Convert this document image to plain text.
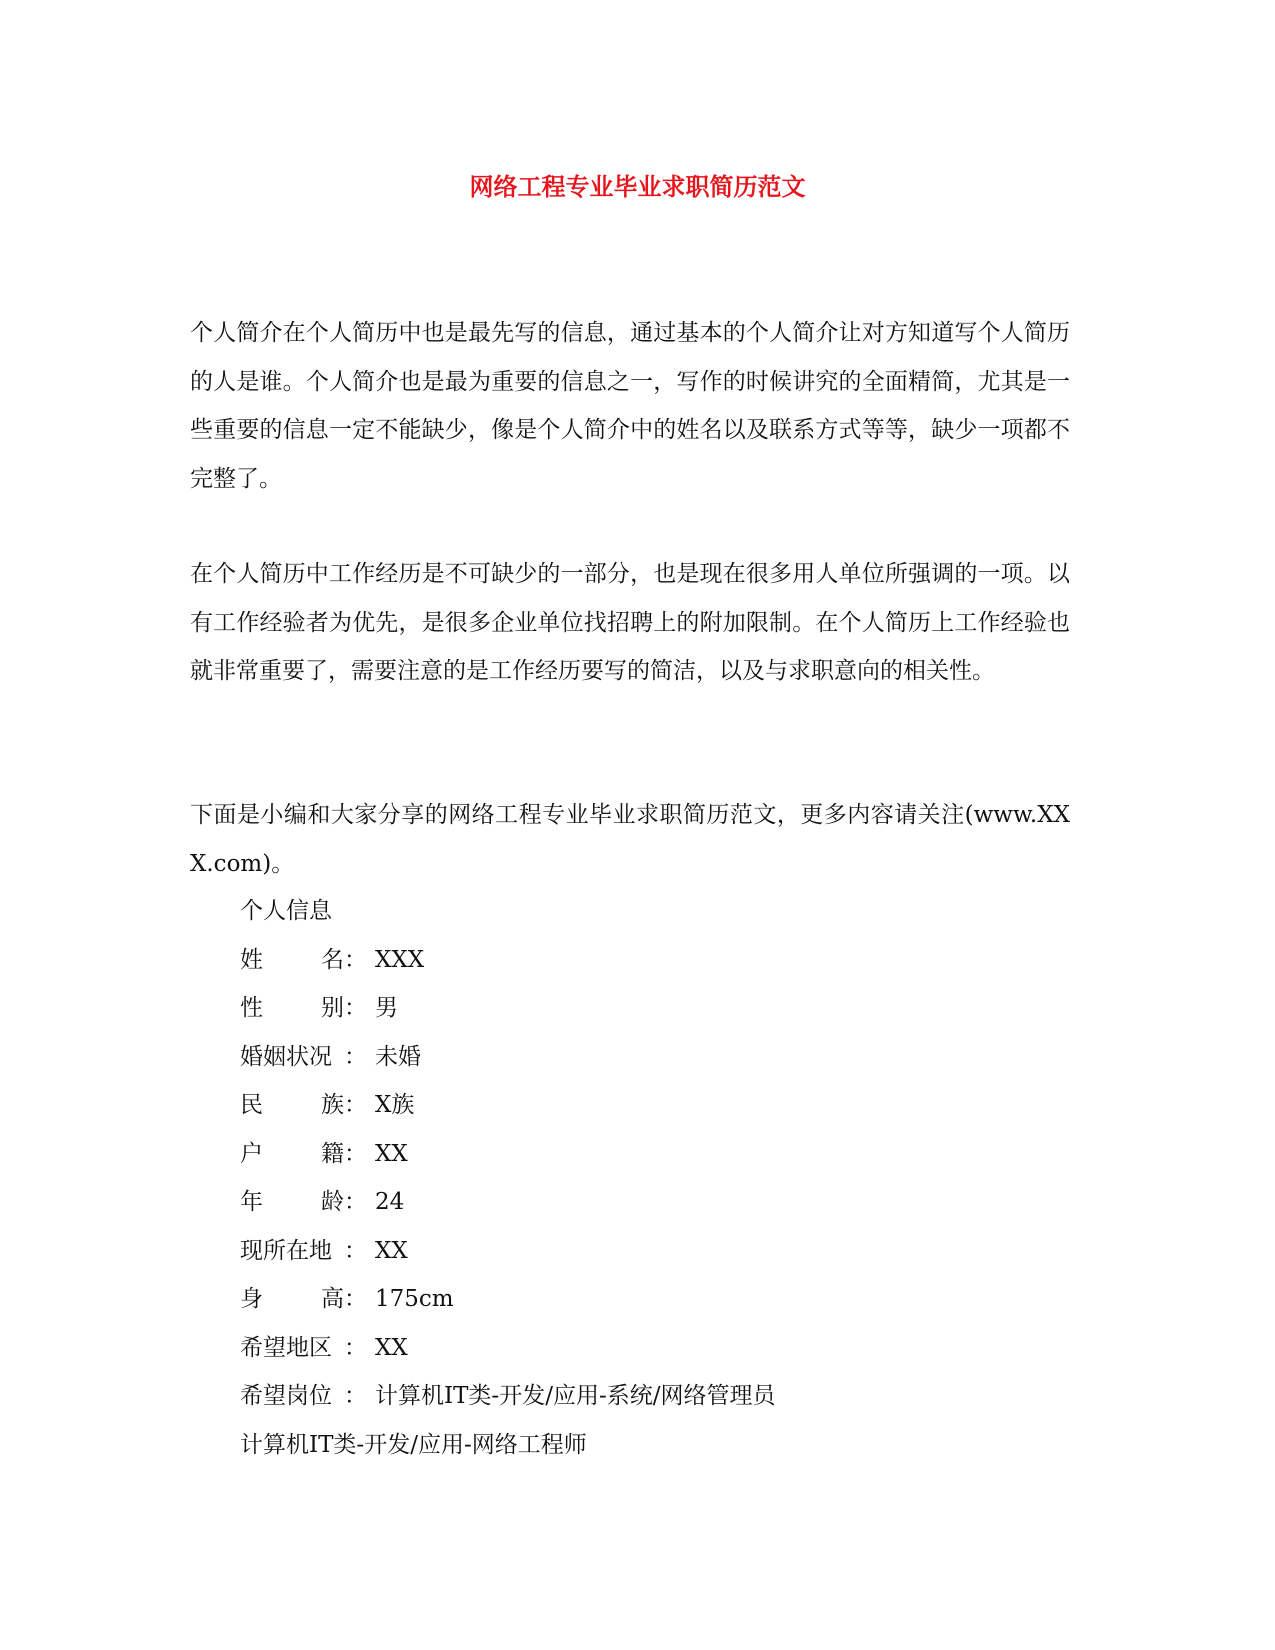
网络工程专业毕业求职简历范文

个人简介在个人简历中也是最先写的信息，通过基本的个人简介让对方知道写个人简历的人是谁。个人简介也是最为重要的信息之一，写作的时候讲究的全面精简，尤其是一些重要的信息一定不能缺少，像是个人简介中的姓名以及联系方式等等，缺少一项都不完整了。

在个人简历中工作经历是不可缺少的一部分，也是现在很多用人单位所强调的一项。以有工作经验者为优先，是很多企业单位找招聘上的附加限制。在个人简历上工作经验也就非常重要了，需要注意的是工作经历要写的简洁，以及与求职意向的相关性。

下面是小编和大家分享的网络工程专业毕业求职简历范文，更多内容请关注(www.XXX.com)。

个人信息
姓	名 ： XXX
性	别 ： 男
婚姻状况 ： 未婚
民	族 ： X族
户	籍 ： XX
年	龄 ： 24
现所在地 ： XX
身	高 ： 175cm
希望地区 ： XX
希望岗位 ： 计算机IT类-开发/应用-系统/网络管理员
计算机IT类-开发/应用-网络工程师
